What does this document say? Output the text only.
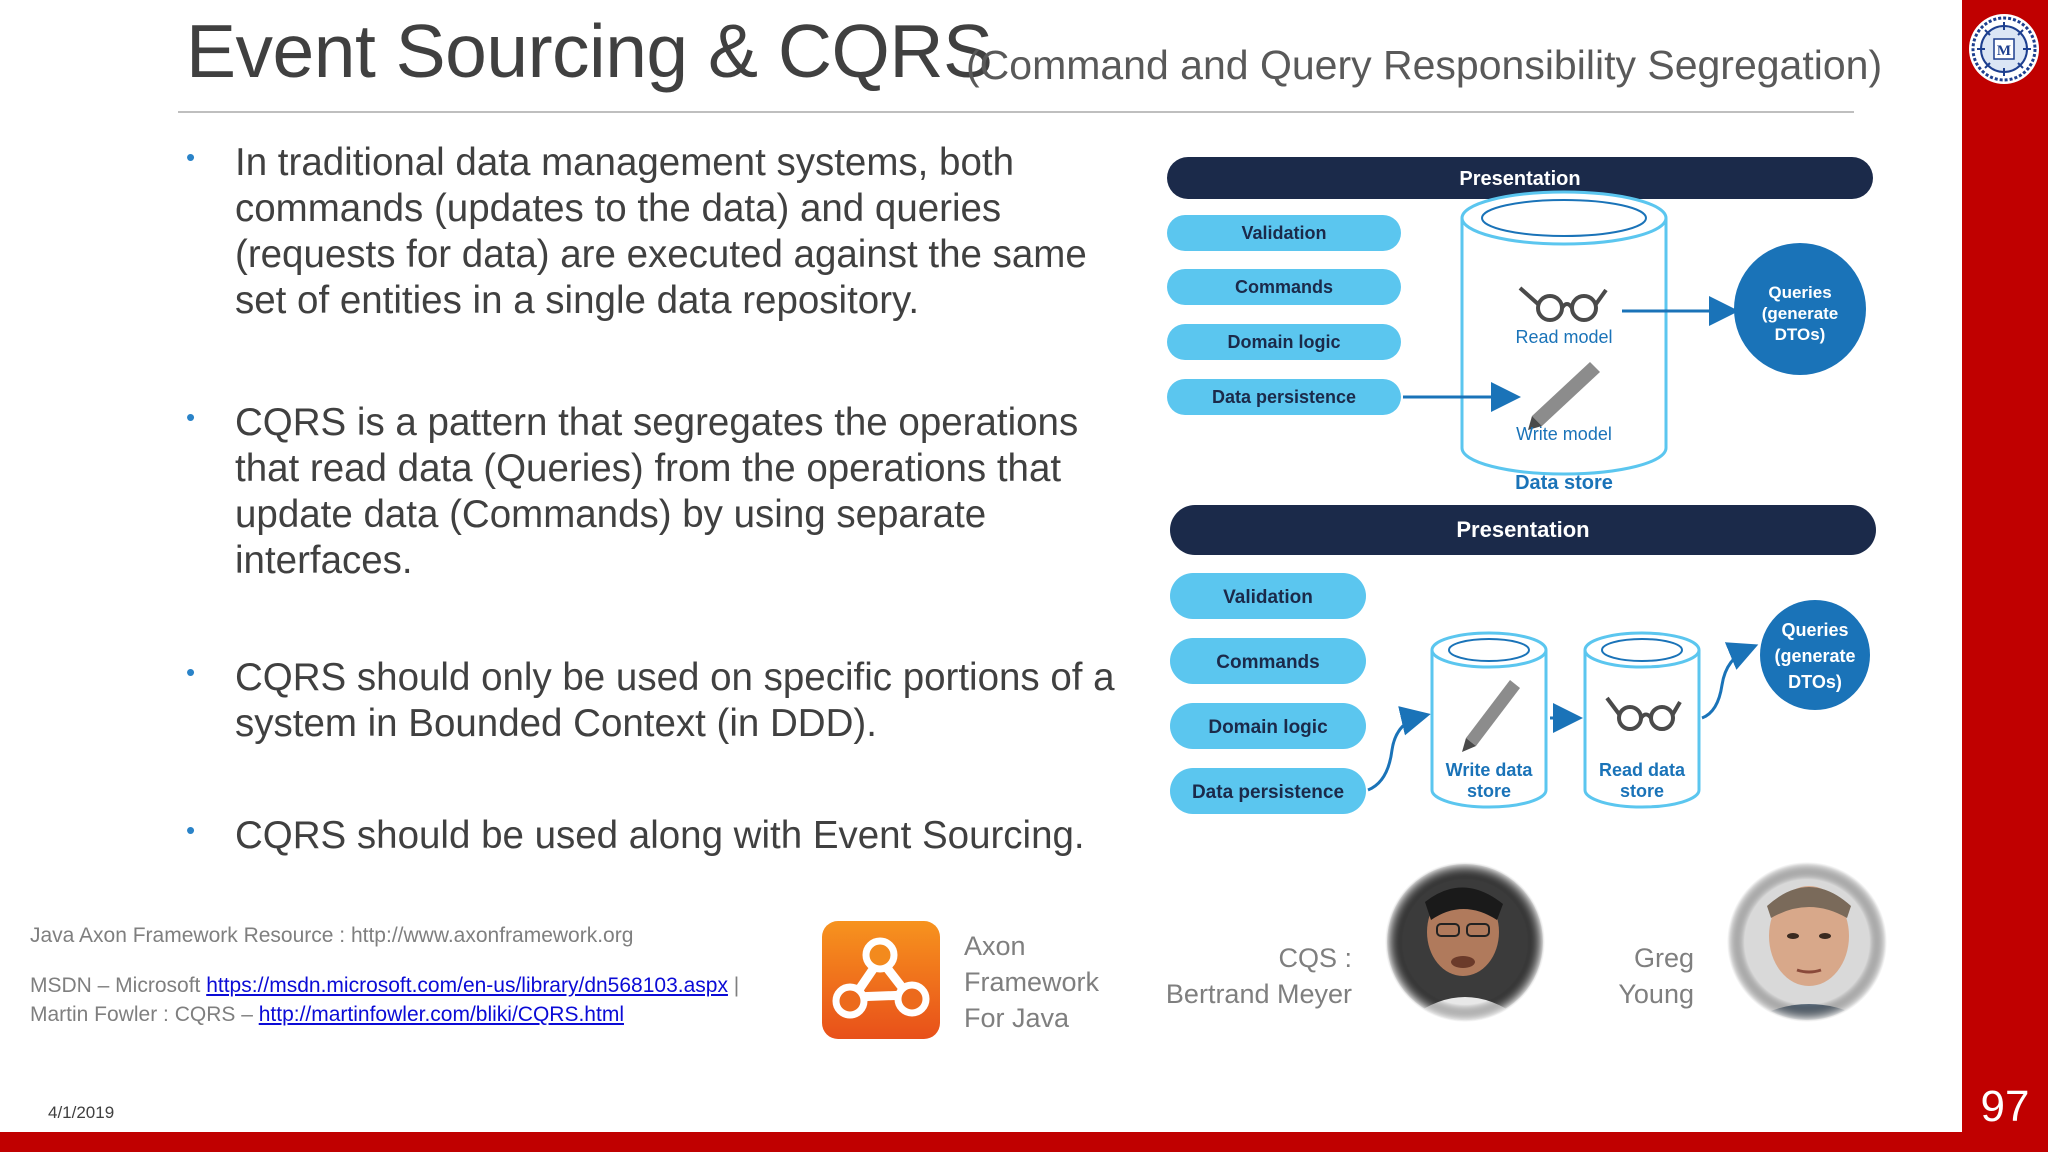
Event Sourcing & CQRS
(Command and Query Responsibility Segregation)	M
97
4/1/2019
• In traditional data management systems, both
commands (updates to the data) and queries
(requests for data) are executed against the same
set of entities in a single data repository.
• CQRS is a pattern that segregates the operations
that read data (Queries) from the operations that
update data (Commands) by using separate
interfaces.
• CQRS should only be used on specific portions of a
system in Bounded Context (in DDD).
• CQRS should be used along with Event Sourcing.
Java Axon Framework Resource : http://www.axonframework.org
MSDN – Microsoft https://msdn.microsoft.com/en-us/library/dn568103.aspx |
Martin Fowler : CQRS – http://martinfowler.com/bliki/CQRS.html
Axon
Framework
For Java
CQS :
Bertrand Meyer
Greg
Young
Presentation
Validation
Commands
Domain logic
Data persistence
Read model
Write model
Data store
Queries
(generate
DTOs)
Presentation
Validation
Commands
Domain logic
Data persistence
Write data
store
Read data
store
Queries
(generate
DTOs)
